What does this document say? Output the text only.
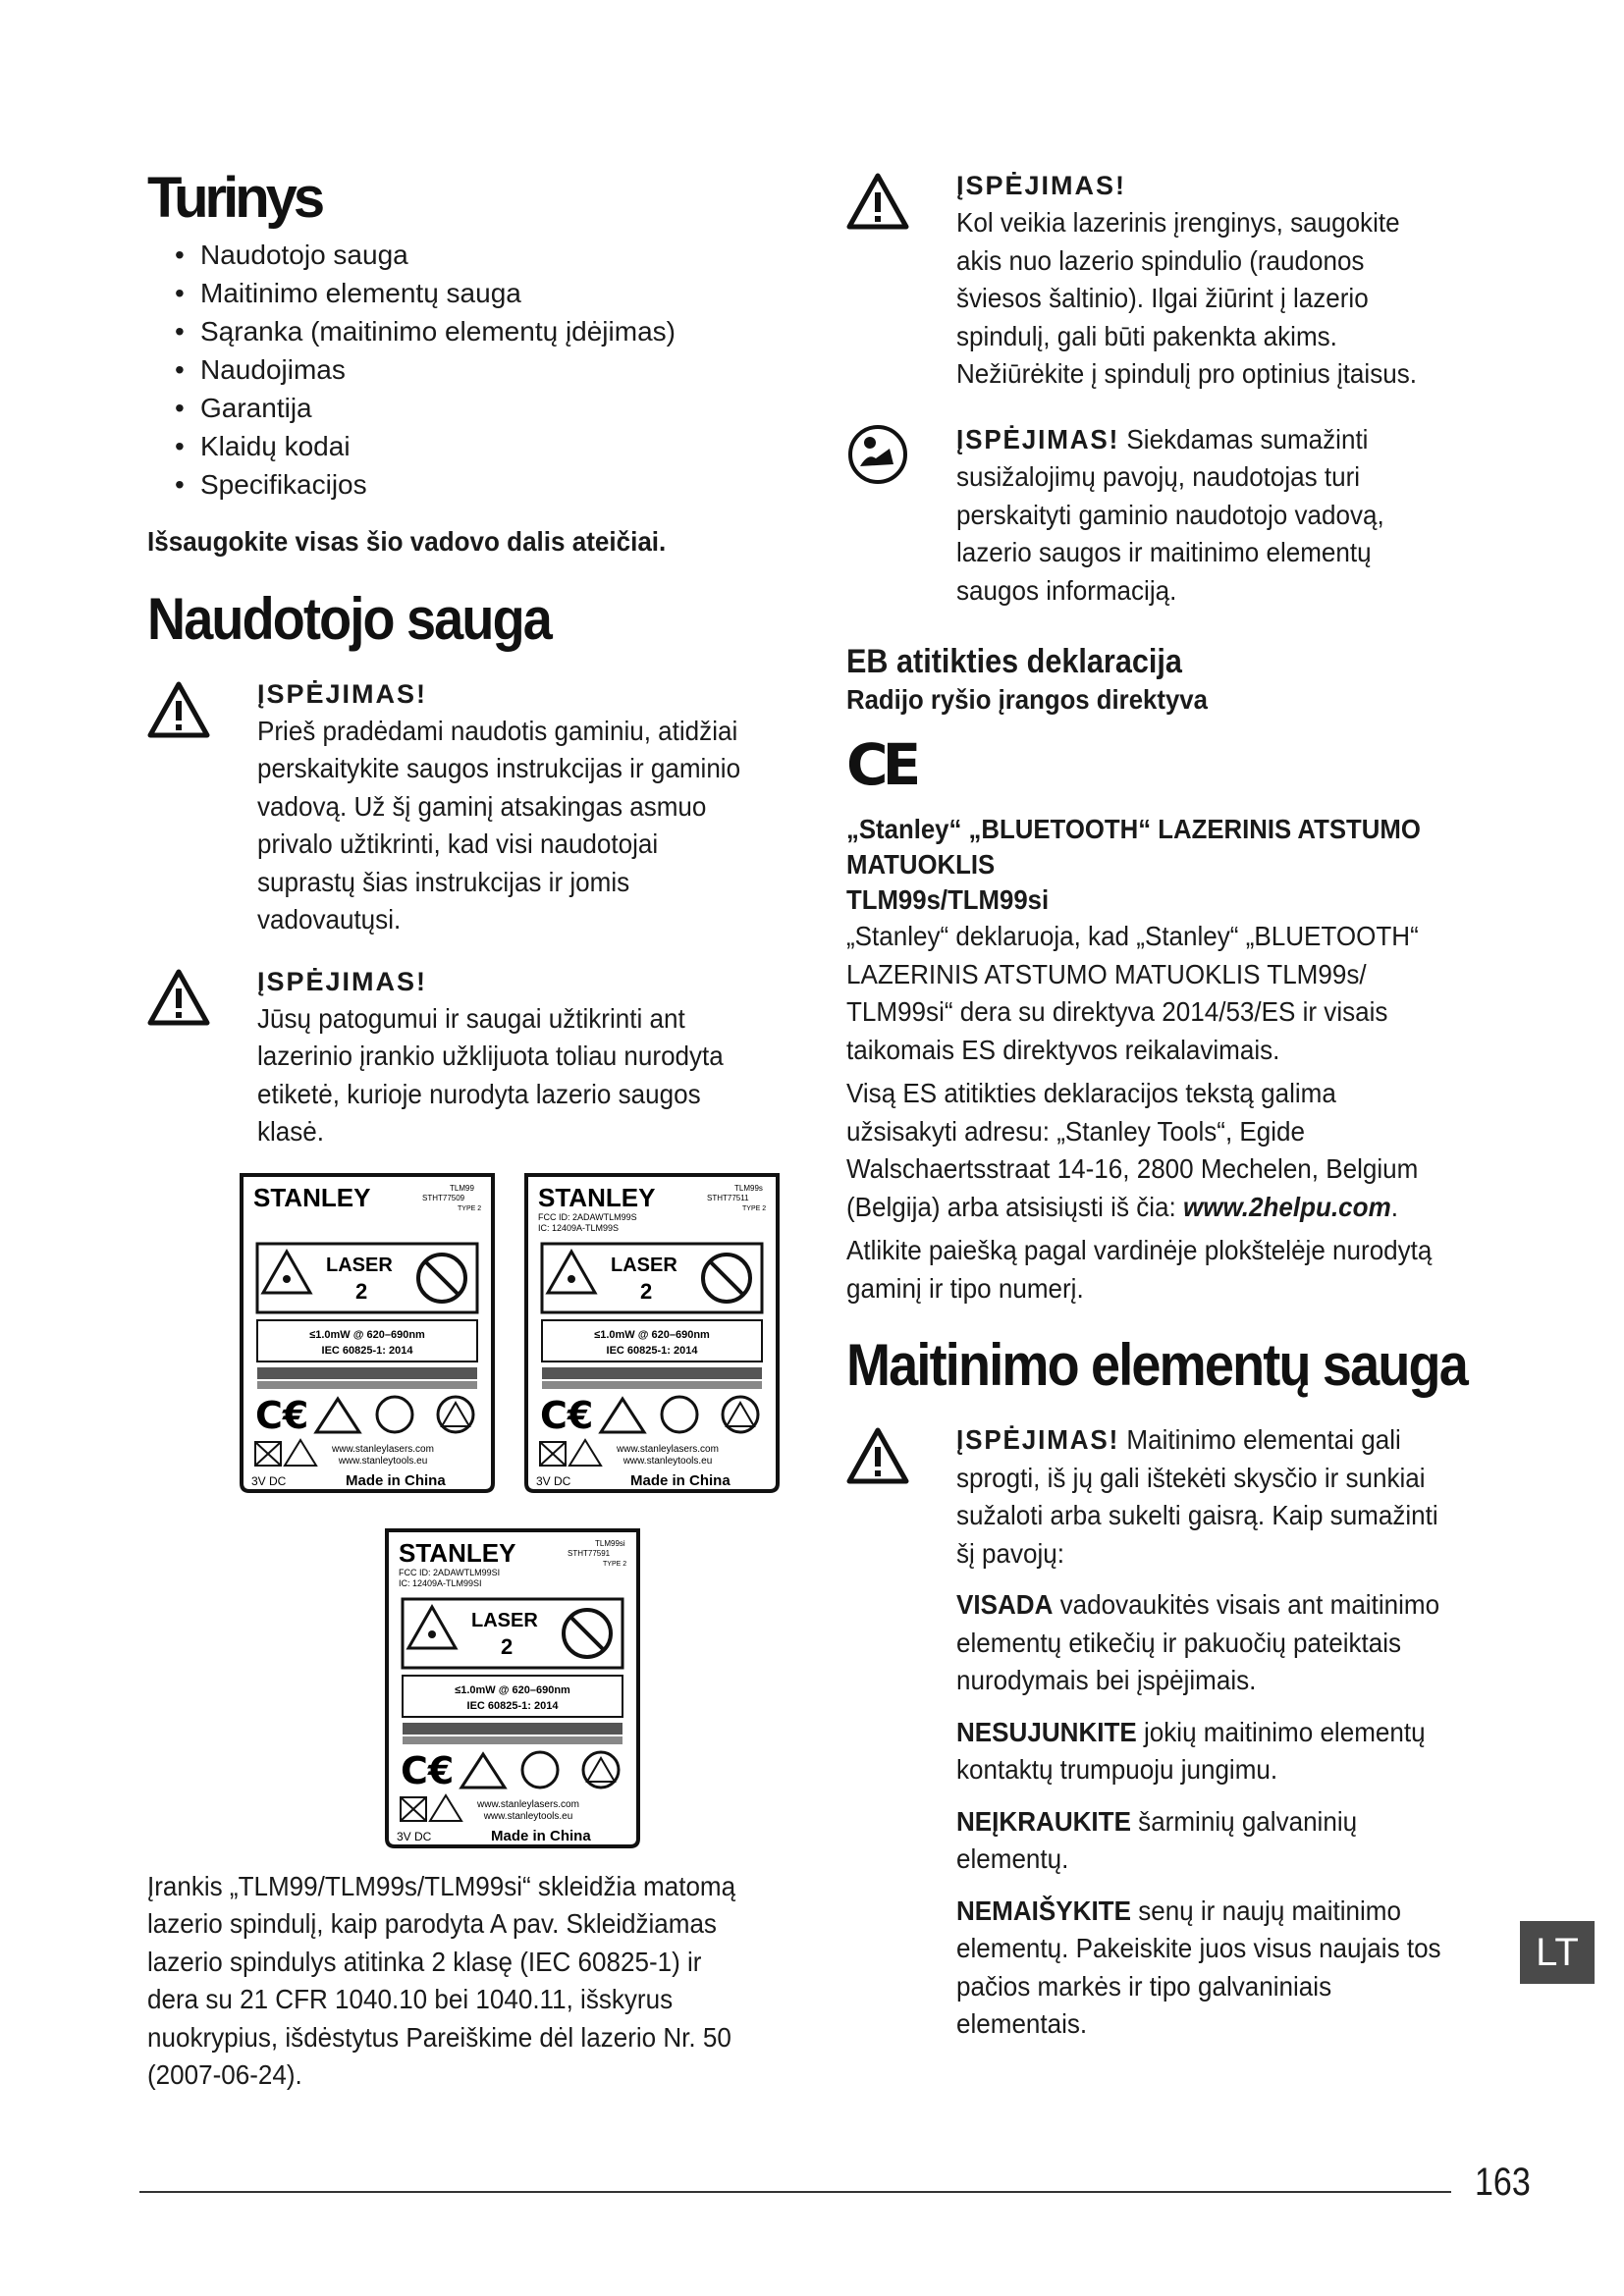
Turinys
• Naudotojo sauga
• Maitinimo elementų sauga
• Sąranka (maitinimo elementų įdėjimas)
• Naudojimas
• Garantija
• Klaidų kodai
• Specifikacijos
Išsaugokite visas šio vadovo dalis ateičiai.
Naudotojo sauga
ĮSPĖJIMAS!
Prieš pradėdami naudotis gaminiu, atidžiai perskaitykite saugos instrukcijas ir gaminio vadovą. Už šį gaminį atsakingas asmuo privalo užtikrinti, kad visi naudotojai suprastų šias instrukcijas ir jomis vadovautųsi.
ĮSPĖJIMAS!
Jūsų patogumui ir saugai užtikrinti ant lazerinio įrankio užklijuota toliau nurodyta etiketė, kurioje nurodyta lazerio saugos klasė.
STANLEY	TLM99
STHT77509
TYPE 2
LASER
2
≤1.0mW @ 620–690nm
IEC 60825-1: 2014
C€
www.stanleylasers.com
www.stanleytools.eu
3V DC	Made in China
STANLEY	TLM99s
STHT77511
TYPE 2
FCC ID: 2ADAWTLM99S
IC: 12409A-TLM99S
LASER
2
≤1.0mW @ 620–690nm
IEC 60825-1: 2014
C€
www.stanleylasers.com
www.stanleytools.eu
3V DC	Made in China
STANLEY	TLM99si
STHT77591
TYPE 2
FCC ID: 2ADAWTLM99SI
IC: 12409A-TLM99SI
LASER
2
≤1.0mW @ 620–690nm
IEC 60825-1: 2014
C€
www.stanleylasers.com
www.stanleytools.eu
3V DC	Made in China
Įrankis „TLM99/TLM99s/TLM99si“ skleidžia matomą lazerio spindulį, kaip parodyta A pav. Skleidžiamas lazerio spindulys atitinka 2 klasę (IEC 60825-1) ir dera su 21 CFR 1040.10 bei 1040.11, išskyrus nuokrypius, išdėstytus Pareiškime dėl lazerio Nr. 50 (2007-06-24).
ĮSPĖJIMAS!
Kol veikia lazerinis įrenginys, saugokite akis nuo lazerio spindulio (raudonos šviesos šaltinio). Ilgai žiūrint į lazerio spindulį, gali būti pakenkta akims. Nežiūrėkite į spindulį pro optinius įtaisus.
ĮSPĖJIMAS! Siekdamas sumažinti susižalojimų pavojų, naudotojas turi perskaityti gaminio naudotojo vadovą, lazerio saugos ir maitinimo elementų saugos informaciją.
EB atitikties deklaracija
Radijo ryšio įrangos direktyva
CE
„Stanley“ „BLUETOOTH“ LAZERINIS ATSTUMO MATUOKLIS
TLM99s/TLM99si
„Stanley“ deklaruoja, kad „Stanley“ „BLUETOOTH“ LAZERINIS ATSTUMO MATUOKLIS TLM99s/ TLM99si“ dera su direktyva 2014/53/ES ir visais taikomais ES direktyvos reikalavimais.
Visą ES atitikties deklaracijos tekstą galima užsisakyti adresu: „Stanley Tools“, Egide Walschaertsstraat 14-16, 2800 Mechelen, Belgium (Belgija) arba atsisiųsti iš čia: www.2helpu.com.
Atlikite paiešką pagal vardinėje plokštelėje nurodytą gaminį ir tipo numerį.
Maitinimo elementų sauga
ĮSPĖJIMAS! Maitinimo elementai gali sprogti, iš jų gali ištekėti skysčio ir sunkiai sužaloti arba sukelti gaisrą. Kaip sumažinti šį pavojų:
VISADA vadovaukitės visais ant maitinimo elementų etikečių ir pakuočių pateiktais nurodymais bei įspėjimais.
NESUJUNKITE jokių maitinimo elementų kontaktų trumpuoju jungimu.
NEĮKRAUKITE šarminių galvaninių elementų.
NEMAIŠYKITE senų ir naujų maitinimo elementų. Pakeiskite juos visus naujais tos pačios markės ir tipo galvaniniais elementais.
LT
163
